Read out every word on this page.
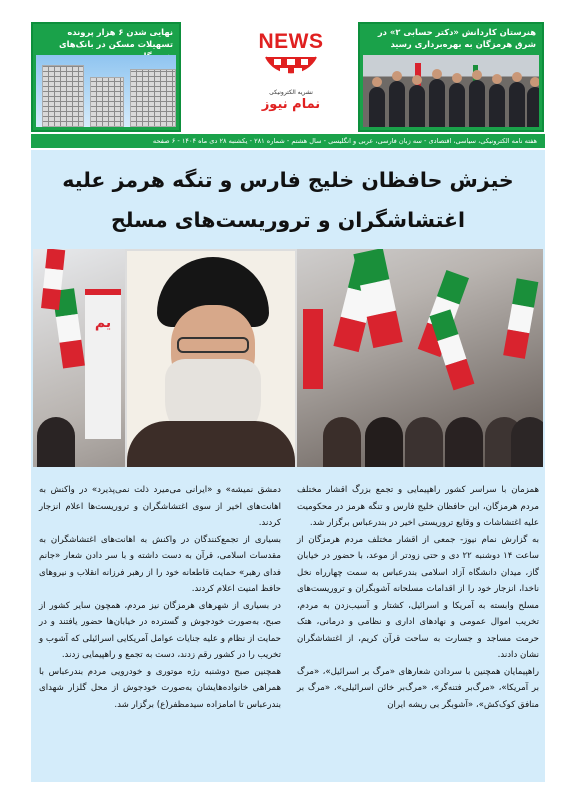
نهایی شدن ۶ هزار پرونده تسهیلات مسکن در بانک‌های	NEWS
نشریه الکترونیکی
نمام نیوز
هنرستان کاردانش «دکتر حسابی ۲» در شرق هرمزگان به بهره‌برداری رسید
هفته نامه الکترونیکی، سیاسی، اقتصادی - سه زبان فارسی، عربی و انگلیسی - سال هشتم - شماره ۲۸۱ - یکشنبه ۲۸ دی ماه ۱۴۰۴ - ۶ صفحه
خیزش حافظان خلیج فارس و تنگه هرمز علیه
اغتشاشگران و تروریست‌های مسلح
یم

همزمان با سراسر کشور راهپیمایی و تجمع بزرگ اقشار مختلف مردم هرمزگان، این حافظان خلیج فارس و تنگه هرمز در محکومیت علیه اغتشاشات و وقایع تروریستی اخیر در بندرعباس برگزار شد.

به گزارش نمام نیوز- جمعی از اقشار مختلف مردم هرمزگان از ساعت ۱۴ دوشنبه ۲۲ دی و حتی زودتر از موعد، با حضور در خیابان گاز، میدان دانشگاه آزاد اسلامی بندرعباس به سمت چهارراه نخل ناخدا، انزجار خود را از اقدامات مسلحانه آشوبگران و تروریست‌های مسلح وابسته به آمریکا و اسرائیل، کشتار و آسیب‌زدن به مردم، تخریب اموال عمومی و نهادهای اداری و نظامی و درمانی، هتک حرمت مساجد و جسارت به ساحت قرآن کریم، از اغتشاشگران نشان دادند.

راهپیمایان همچنین با سردادن شعارهای «مرگ بر اسرائیل»، «مرگ بر آمریکا»، «مرگ‌بر فتنه‌گر»، «مرگ‌بر خائن اسرائیلی»، «مرگ بر منافق کوک‌کش»، «آشوبگر بی ریشه ایران

دمشق نمیشه» و «ایرانی می‌میرد ذلت نمی‌پذیرد» در واکنش به اهانت‌های اخیر از سوی اغتشاشگران و تروریست‌ها اعلام انزجار کردند.

بسیاری از تجمع‌کنندگان در واکنش به اهانت‌های اغتشاشگران به مقدسات اسلامی، قرآن به دست داشته و با سر دادن شعار «جانم فدای رهبر» حمایت قاطعانه خود را از رهبر فرزانه انقلاب و نیروهای حافظ امنیت اعلام کردند.

در بسیاری از شهرهای هرمزگان نیز مردم، همچون سایر کشور از صبح، به‌صورت خودجوش و گسترده در خیابان‌ها حضور یافتند و در حمایت از نظام و علیه جنایات عوامل آمریکایی اسرائیلی که آشوب و تخریب را در کشور رقم زدند، دست به تجمع و راهپیمایی زدند.

همچنین صبح دوشنبه رژه موتوری و خودرویی مردم بندرعباس با همراهی خانواده‌هایشان به‌صورت خودجوش از محل گلزار شهدای بندرعباس تا امامزاده سیدمظفر(ع) برگزار شد.
